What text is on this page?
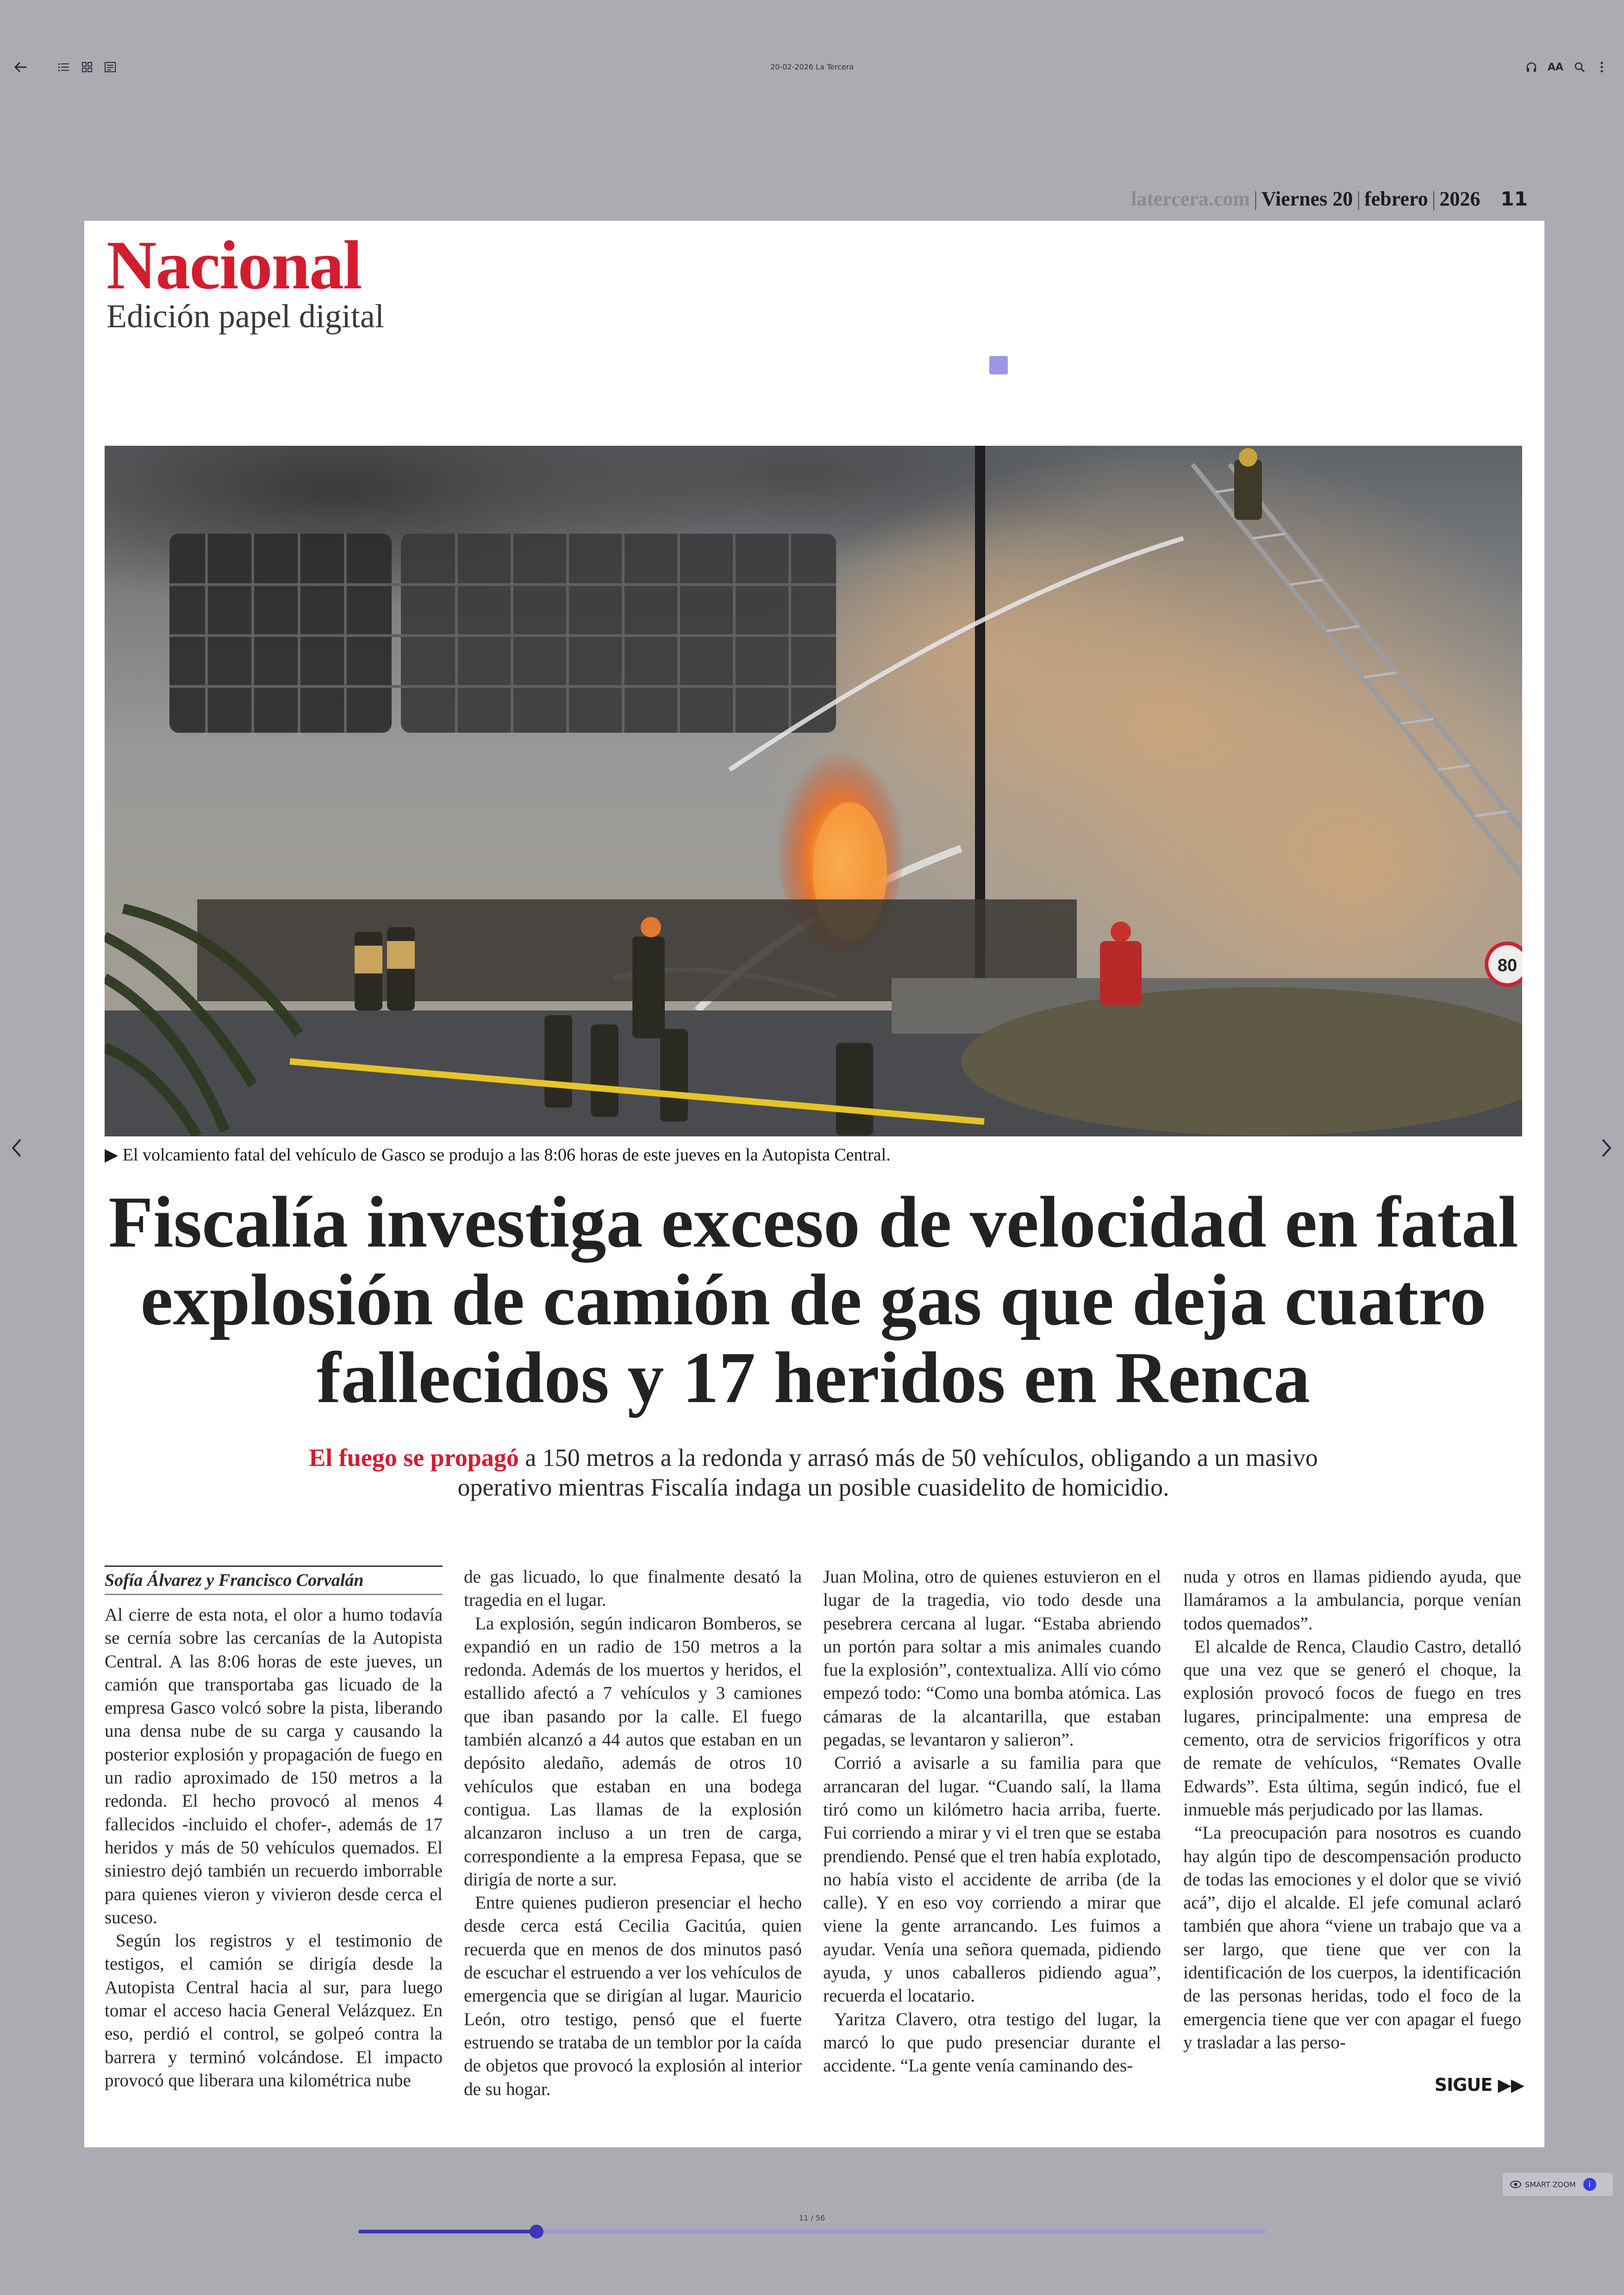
20-02-2026 La Tercera	AA
latercera.com | Viernes 20 | febrero | 2026 11
Nacional
Edición papel digital
80
▶ El volcamiento fatal del vehículo de Gasco se produjo a las 8:06 horas de este jueves en la Autopista Central.
Fiscalía investiga exceso de velocidad en fatal explosión de camión de gas que deja cuatro fallecidos y 17 heridos en Renca
El fuego se propagó a 150 metros a la redonda y arrasó más de 50 vehículos, obligando a un masivo operativo mientras Fiscalía indaga un posible cuasidelito de homicidio.
Sofía Álvarez y Francisco Corvalán

Al cierre de esta nota, el olor a humo todavía se cernía sobre las cercanías de la Autopista Central. A las 8:06 horas de este jueves, un camión que transportaba gas licuado de la empresa Gasco volcó sobre la pista, liberando una densa nube de su carga y causando la posterior explosión y propagación de fuego en un radio aproximado de 150 metros a la redonda. El hecho provocó al menos 4 fallecidos -incluido el chofer-, además de 17 heridos y más de 50 vehículos quemados. El siniestro dejó también un recuerdo imborrable para quienes vieron y vivieron desde cerca el suceso.

Según los registros y el testimonio de testigos, el camión se dirigía desde la Autopista Central hacia al sur, para luego tomar el acceso hacia General Velázquez. En eso, perdió el control, se golpeó contra la barrera y terminó volcándose. El impacto provocó que liberara una kilométrica nube

de gas licuado, lo que finalmente desató la tragedia en el lugar.

La explosión, según indicaron Bomberos, se expandió en un radio de 150 metros a la redonda. Además de los muertos y heridos, el estallido afectó a 7 vehículos y 3 camiones que iban pasando por la calle. El fuego también alcanzó a 44 autos que estaban en un depósito aledaño, además de otros 10 vehículos que estaban en una bodega contigua. Las llamas de la explosión alcanzaron incluso a un tren de carga, correspondiente a la empresa Fepasa, que se dirigía de norte a sur.

Entre quienes pudieron presenciar el hecho desde cerca está Cecilia Gacitúa, quien recuerda que en menos de dos minutos pasó de escuchar el estruendo a ver los vehículos de emergencia que se dirigían al lugar. Mauricio León, otro testigo, pensó que el fuerte estruendo se trataba de un temblor por la caída de objetos que provocó la explosión al interior de su hogar.

Juan Molina, otro de quienes estuvieron en el lugar de la tragedia, vio todo desde una pesebrera cercana al lugar. “Estaba abriendo un portón para soltar a mis animales cuando fue la explosión”, contextualiza. Allí vio cómo empezó todo: “Como una bomba atómica. Las cámaras de la alcantarilla, que estaban pegadas, se levantaron y salieron”.

Corrió a avisarle a su familia para que arrancaran del lugar. “Cuando salí, la llama tiró como un kilómetro hacia arriba, fuerte. Fui corriendo a mirar y vi el tren que se estaba prendiendo. Pensé que el tren había explotado, no había visto el accidente de arriba (de la calle). Y en eso voy corriendo a mirar que viene la gente arrancando. Les fuimos a ayudar. Venía una señora quemada, pidiendo ayuda, y unos caballeros pidiendo agua”, recuerda el locatario.

Yaritza Clavero, otra testigo del lugar, la marcó lo que pudo presenciar durante el accidente. “La gente venía caminando des-

nuda y otros en llamas pidiendo ayuda, que llamáramos a la ambulancia, porque venían todos quemados”.

El alcalde de Renca, Claudio Castro, detalló que una vez que se generó el choque, la explosión provocó focos de fuego en tres lugares, principalmente: una empresa de cemento, otra de servicios frigoríficos y otra de remate de vehículos, “Remates Ovalle Edwards”. Esta última, según indicó, fue el inmueble más perjudicado por las llamas.

“La preocupación para nosotros es cuando hay algún tipo de descompensación producto de todas las emociones y el dolor que se vivió acá”, dijo el alcalde. El jefe comunal aclaró también que ahora “viene un trabajo que va a ser largo, que tiene que ver con la identificación de los cuerpos, la identificación de las personas heridas, todo el foco de la emergencia tiene que ver con apagar el fuego y trasladar a las perso-

SIGUE ▶▶
SMART ZOOM	i
11 / 56
